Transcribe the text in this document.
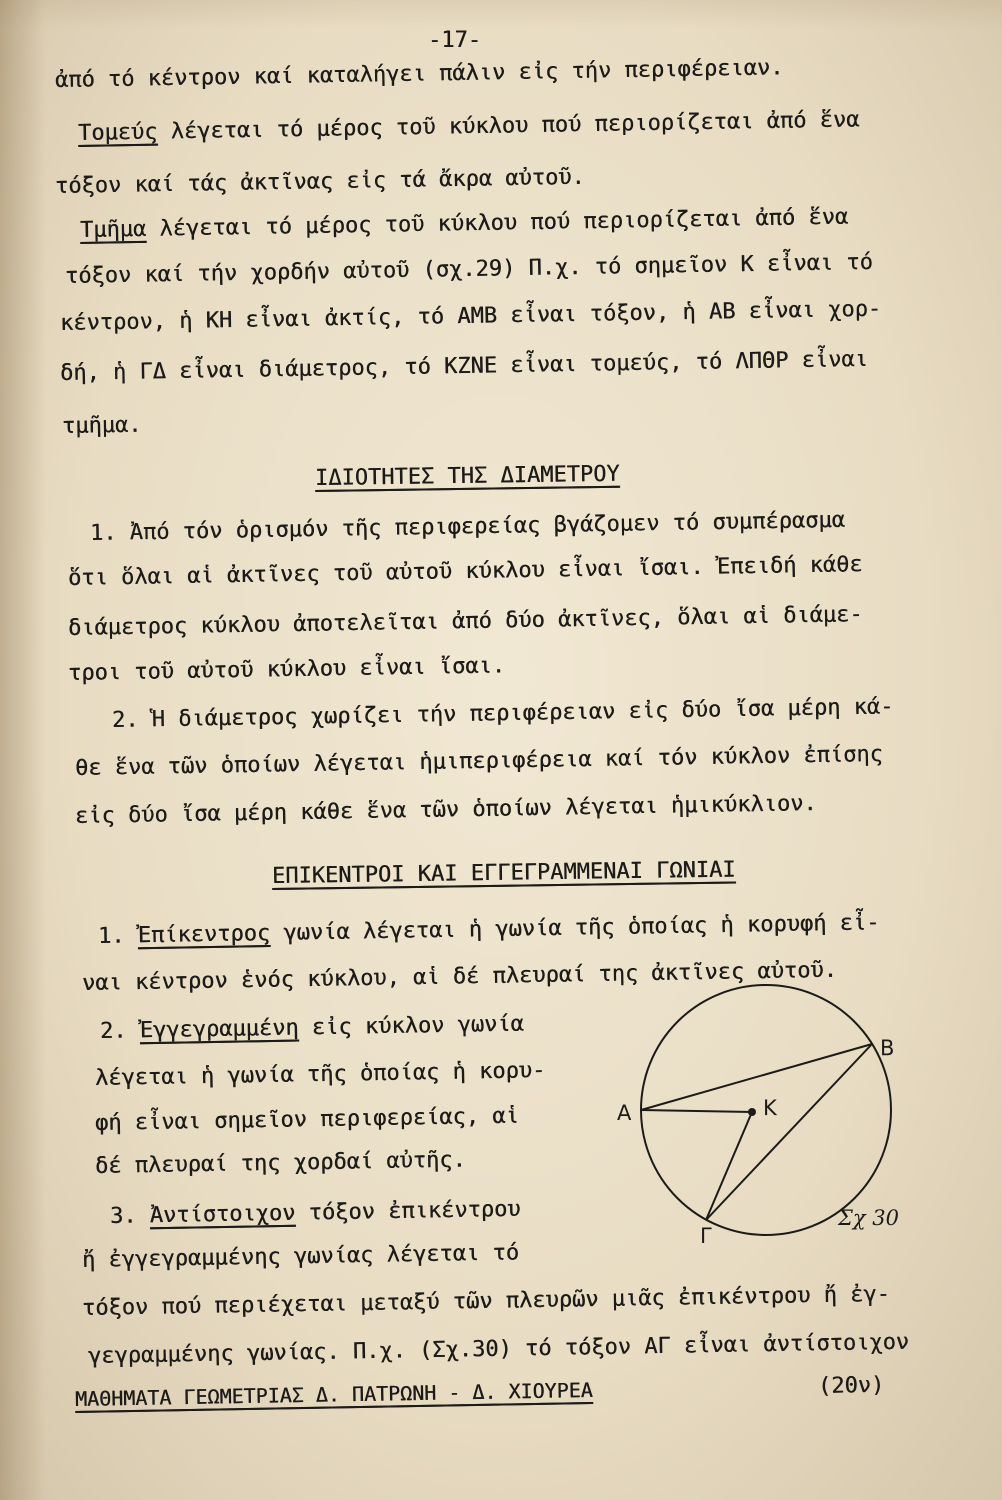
-17-
ἀπό τό κέντρον καί καταλήγει πάλιν εἰς τήν περιφέρειαν.
Τομεύς λέγεται τό μέρος τοῦ κύκλου πού περιορίζεται ἀπό ἕνα
τόξον καί τάς ἀκτῖνας εἰς τά ἄκρα αὐτοῦ.
Τμῆμα λέγεται τό μέρος τοῦ κύκλου πού περιορίζεται ἀπό ἕνα
τόξον καί τήν χορδήν αὐτοῦ (σχ.29) Π.χ. τό σημεῖον Κ εἶναι τό
κέντρον, ἡ ΚΗ εἶναι ἀκτίς, τό ΑΜΒ εἶναι τόξον, ἡ ΑΒ εἶναι χορ-
δή, ἡ ΓΔ εἶναι διάμετρος, τό ΚΖΝΕ εἶναι τομεύς, τό ΛΠΘΡ εἶναι
τμῆμα.
ΙΔΙΟΤΗΤΕΣ ΤΗΣ ΔΙΑΜΕΤΡΟΥ
1. Ἀπό τόν ὁρισμόν τῆς περιφερείας βγάζομεν τό συμπέρασμα
ὅτι ὅλαι αἱ ἀκτῖνες τοῦ αὐτοῦ κύκλου εἶναι ἴσαι. Ἐπειδή κάθε
διάμετρος κύκλου ἀποτελεῖται ἀπό δύο ἀκτῖνες, ὅλαι αἱ διάμε-
τροι τοῦ αὐτοῦ κύκλου εἶναι ἴσαι.
2. Ἡ διάμετρος χωρίζει τήν περιφέρειαν εἰς δύο ἴσα μέρη κά-
θε ἕνα τῶν ὁποίων λέγεται ἡμιπεριφέρεια καί τόν κύκλον ἐπίσης
εἰς δύο ἴσα μέρη κάθε ἕνα τῶν ὁποίων λέγεται ἡμικύκλιον.
ΕΠΙΚΕΝΤΡΟΙ ΚΑΙ ΕΓΓΕΓΡΑΜΜΕΝΑΙ ΓΩΝΙΑΙ
1. Ἐπίκεντρος γωνία λέγεται ἡ γωνία τῆς ὁποίας ἡ κορυφή εἶ-
ναι κέντρον ἑνός κύκλου, αἱ δέ πλευραί της ἀκτῖνες αὐτοῦ.
2. Ἐγγεγραμμένη εἰς κύκλον γωνία
λέγεται ἡ γωνία τῆς ὁποίας ἡ κορυ-
φή εἶναι σημεῖον περιφερείας, αἱ
δέ πλευραί της χορδαί αὐτῆς.
3. Ἀντίστοιχον τόξον ἐπικέντρου
ἤ ἐγγεγραμμένης γωνίας λέγεται τό
τόξον πού περιέχεται μεταξύ τῶν πλευρῶν μιᾶς ἐπικέντρου ἤ ἐγ-
γεγραμμένης γωνίας. Π.χ. (Σχ.30) τό τόξον ΑΓ εἶναι ἀντίστοιχον
Α
Β
Κ
Γ
Σχ 30
ΜΑΘΗΜΑΤΑ ΓΕΩΜΕΤΡΙΑΣ Δ. ΠΑΤΡΩΝΗ - Δ. ΧΙΟΥΡΕΑ	(20ν)
